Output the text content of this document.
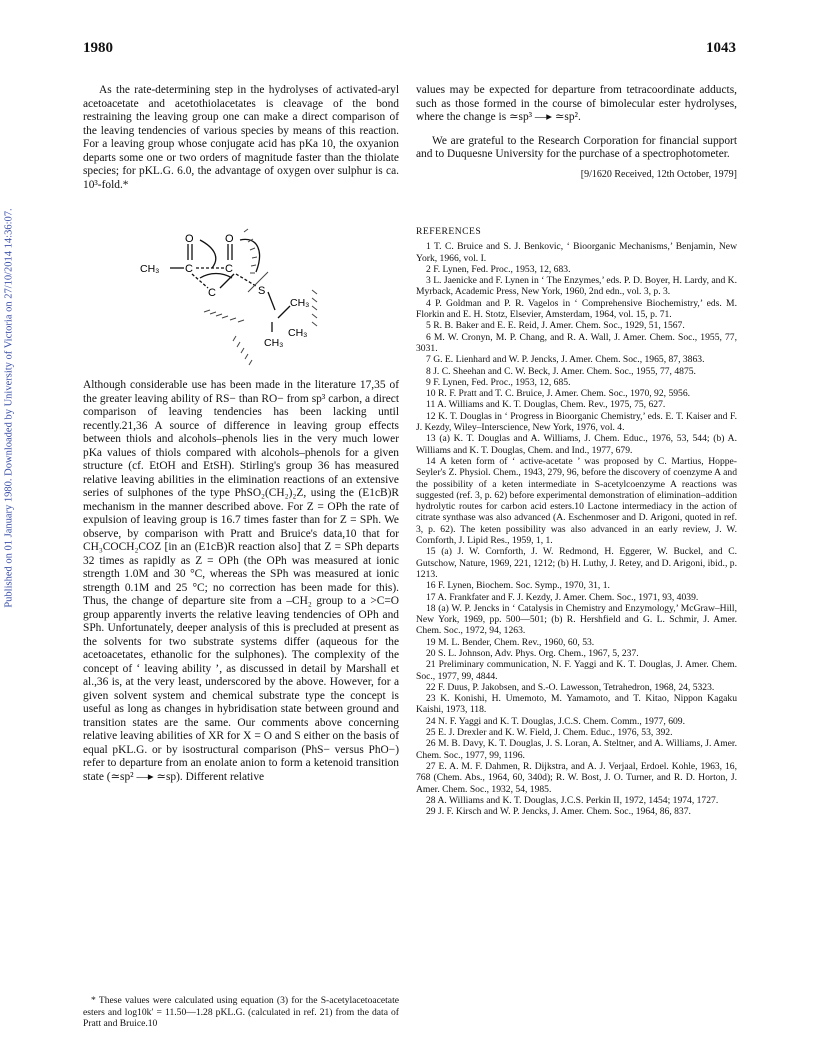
1980	1043
Published on 01 January 1980. Downloaded by University of Victoria on 27/10/2014 14:36:07.

As the rate-determining step in the hydrolyses of activated-aryl acetoacetate and acetothiolacetates is cleavage of the bond restraining the leaving group one can make a direct comparison of the leaving tendencies of various species by means of this reaction. For a leaving group whose conjugate acid has pKa 10, the oxyanion departs some one or two orders of magnitude faster than the thiolate species; for pKL.G. 6.0, the advantage of oxygen over sulphur is ca. 10³-fold.*

O	O
CH₃ C	C
C	S
CH₃
CH₃
CH₃

Although considerable use has been made in the literature 17,35 of the greater leaving ability of RS− than RO− from sp³ carbon, a direct comparison of leaving tendencies has been lacking until recently.21,36 A source of difference in leaving group effects between thiols and alcohols–phenols lies in the very much lower pKa values of thiols compared with alcohols–phenols for a given structure (cf. EtOH and EtSH). Stirling's group 36 has measured relative leaving abilities in the elimination reactions of an extensive series of sulphones of the type PhSO₂(CH₂)₂Z, using the (E1cB)R mechanism in the manner described above. For Z = OPh the rate of expulsion of leaving group is 16.7 times faster than for Z = SPh. We observe, by comparison with Pratt and Bruice's data,10 that for CH₃COCH₂COZ [in an (E1cB)R reaction also] that Z = SPh departs 32 times as rapidly as Z = OPh (the OPh was measured at ionic strength 1.0M and 30 °C, whereas the SPh was measured at ionic strength 0.1M and 25 °C; no correction has been made for this). Thus, the change of departure site from a –CH₂ group to a >C=O group apparently inverts the relative leaving tendencies of OPh and SPh. Unfortunately, deeper analysis of this is precluded at present as the solvents for two substrate systems differ (aqueous for the acetoacetates, ethanolic for the sulphones). The complexity of the concept of ‘ leaving ability ’, as discussed in detail by Marshall et al.,36 is, at the very least, underscored by the above. However, for a given solvent system and chemical substrate type the concept is useful as long as changes in hybridisation state between ground and transition states are the same. Our comments above concerning relative leaving abilities of XR for X = O and S either on the basis of equal pKL.G. or by isostructural comparison (PhS− versus PhO−) refer to departure from an enolate anion to form a ketenoid transition state (≃sp² —▸ ≃sp). Different relative

* These values were calculated using equation (3) for the S-acetylacetoacetate esters and log10k′ = 11.50—1.28 pKL.G. (calculated in ref. 21) from the data of Pratt and Bruice.10

values may be expected for departure from tetracoordinate adducts, such as those formed in the course of bimolecular ester hydrolyses, where the change is ≃sp³ —▸ ≃sp².

We are grateful to the Research Corporation for financial support and to Duquesne University for the purchase of a spectrophotometer.

[9/1620 Received, 12th October, 1979]
REFERENCES
1 T. C. Bruice and S. J. Benkovic, ‘ Bioorganic Mechanisms,’ Benjamin, New York, 1966, vol. I.
2 F. Lynen, Fed. Proc., 1953, 12, 683.
3 L. Jaenicke and F. Lynen in ‘ The Enzymes,’ eds. P. D. Boyer, H. Lardy, and K. Myrback, Academic Press, New York, 1960, 2nd edn., vol. 3, p. 3.
4 P. Goldman and P. R. Vagelos in ‘ Comprehensive Biochemistry,’ eds. M. Florkin and E. H. Stotz, Elsevier, Amsterdam, 1964, vol. 15, p. 71.
5 R. B. Baker and E. E. Reid, J. Amer. Chem. Soc., 1929, 51, 1567.
6 M. W. Cronyn, M. P. Chang, and R. A. Wall, J. Amer. Chem. Soc., 1955, 77, 3031.
7 G. E. Lienhard and W. P. Jencks, J. Amer. Chem. Soc., 1965, 87, 3863.
8 J. C. Sheehan and C. W. Beck, J. Amer. Chem. Soc., 1955, 77, 4875.
9 F. Lynen, Fed. Proc., 1953, 12, 685.
10 R. F. Pratt and T. C. Bruice, J. Amer. Chem. Soc., 1970, 92, 5956.
11 A. Williams and K. T. Douglas, Chem. Rev., 1975, 75, 627.
12 K. T. Douglas in ‘ Progress in Bioorganic Chemistry,’ eds. E. T. Kaiser and F. J. Kezdy, Wiley–Interscience, New York, 1976, vol. 4.
13 (a) K. T. Douglas and A. Williams, J. Chem. Educ., 1976, 53, 544; (b) A. Williams and K. T. Douglas, Chem. and Ind., 1977, 679.
14 A keten form of ‘ active-acetate ’ was proposed by C. Martius, Hoppe-Seyler's Z. Physiol. Chem., 1943, 279, 96, before the discovery of coenzyme A and the possibility of a keten intermediate in S-acetylcoenzyme A reactions was suggested (ref. 3, p. 62) before experimental demonstration of elimination–addition hydrolytic routes for carbon acid esters.10 Lactone intermediacy in the action of citrate synthase was also advanced (A. Eschenmoser and D. Arigoni, quoted in ref. 3, p. 62). The keten possibility was also advanced in an early review, J. W. Cornforth, J. Lipid Res., 1959, 1, 1.
15 (a) J. W. Cornforth, J. W. Redmond, H. Eggerer, W. Buckel, and C. Gutschow, Nature, 1969, 221, 1212; (b) H. Luthy, J. Retey, and D. Arigoni, ibid., p. 1213.
16 F. Lynen, Biochem. Soc. Symp., 1970, 31, 1.
17 A. Frankfater and F. J. Kezdy, J. Amer. Chem. Soc., 1971, 93, 4039.
18 (a) W. P. Jencks in ‘ Catalysis in Chemistry and Enzymology,’ McGraw–Hill, New York, 1969, pp. 500—501; (b) R. Hershfield and G. L. Schmir, J. Amer. Chem. Soc., 1972, 94, 1263.
19 M. L. Bender, Chem. Rev., 1960, 60, 53.
20 S. L. Johnson, Adv. Phys. Org. Chem., 1967, 5, 237.
21 Preliminary communication, N. F. Yaggi and K. T. Douglas, J. Amer. Chem. Soc., 1977, 99, 4844.
22 F. Duus, P. Jakobsen, and S.-O. Lawesson, Tetrahedron, 1968, 24, 5323.
23 K. Konishi, H. Umemoto, M. Yamamoto, and T. Kitao, Nippon Kagaku Kaishi, 1973, 118.
24 N. F. Yaggi and K. T. Douglas, J.C.S. Chem. Comm., 1977, 609.
25 E. J. Drexler and K. W. Field, J. Chem. Educ., 1976, 53, 392.
26 M. B. Davy, K. T. Douglas, J. S. Loran, A. Steltner, and A. Williams, J. Amer. Chem. Soc., 1977, 99, 1196.
27 E. A. M. F. Dahmen, R. Dijkstra, and A. J. Verjaal, Erdoel. Kohle, 1963, 16, 768 (Chem. Abs., 1964, 60, 340d); R. W. Bost, J. O. Turner, and R. D. Horton, J. Amer. Chem. Soc., 1932, 54, 1985.
28 A. Williams and K. T. Douglas, J.C.S. Perkin II, 1972, 1454; 1974, 1727.
29 J. F. Kirsch and W. P. Jencks, J. Amer. Chem. Soc., 1964, 86, 837.
